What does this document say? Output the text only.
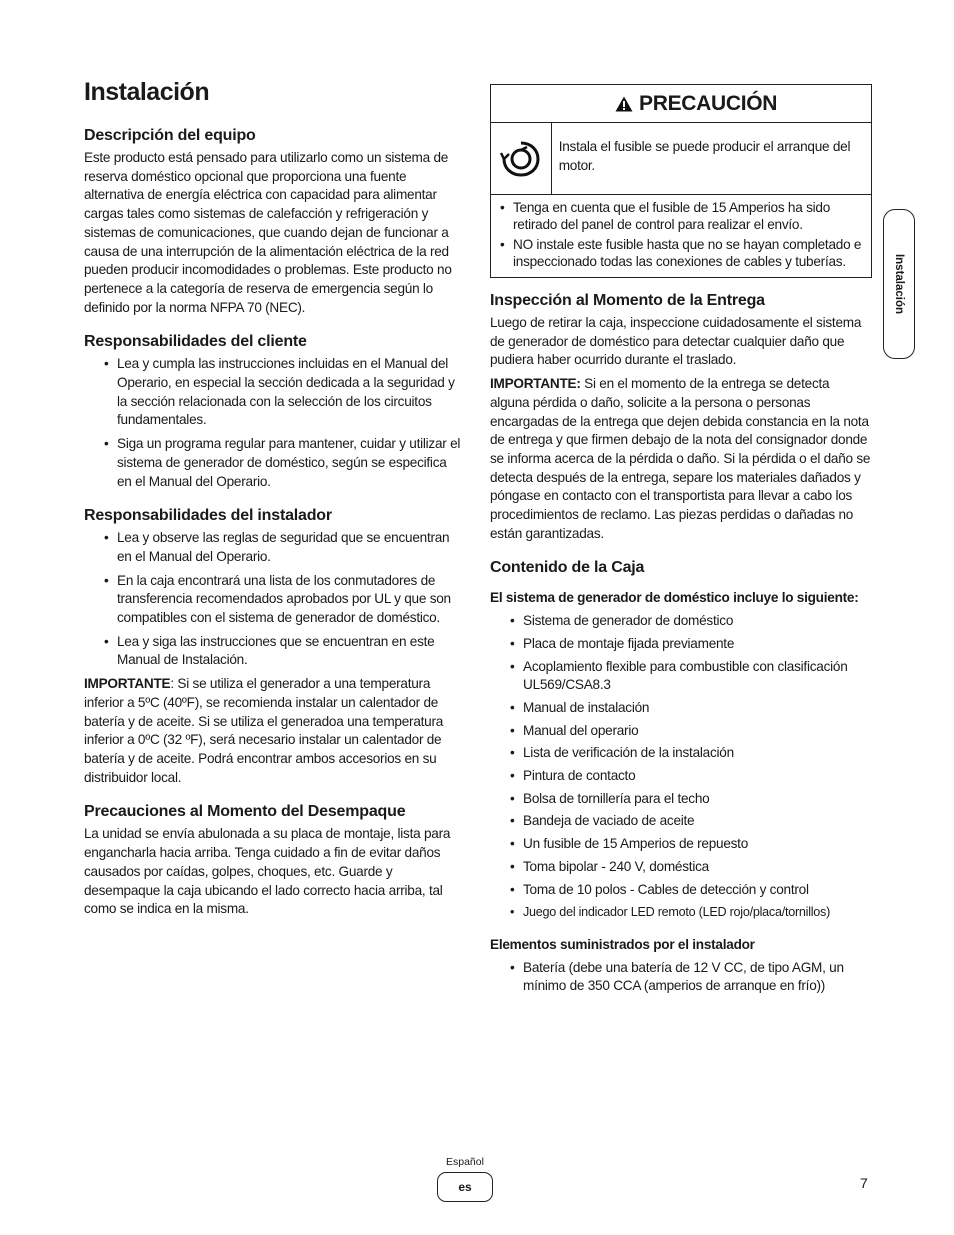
Instalación
Descripción del equipo

Este producto está pensado para utilizarlo como un sistema de reserva doméstico opcional que proporciona una fuente alternativa de energía eléctrica con capacidad para alimentar cargas tales como sistemas de calefacción y refrigeración y sistemas de comunicaciones, que cuando dejan de funcionar a causa de una interrupción de la alimentación eléctrica de la red pueden producir incomodidades o problemas. Este producto no pertenece a la categoría de reserva de emergencia según lo definido por la norma NFPA 70 (NEC).

Responsabilidades del cliente
• Lea y cumpla las instrucciones incluidas en el Manual del Operario, en especial la sección dedicada a la seguridad y la sección relacionada con la selección de los circuitos fundamentales.
• Siga un programa regular para mantener, cuidar y utilizar el sistema de generador de doméstico, según se especifica en el Manual del Operario.
Responsabilidades del instalador
• Lea y observe las reglas de seguridad que se encuentran en el Manual del Operario.
• En la caja encontrará una lista de los conmutadores de transferencia recomendados aprobados por UL y que son compatibles con el sistema de generador de doméstico.
• Lea y siga las instrucciones que se encuentran en este Manual de Instalación.

IMPORTANTE: Si se utiliza el generador a una temperatura inferior a 5ºC (40ºF), se recomienda instalar un calentador de batería y de aceite. Si se utiliza el generadoa una temperatura inferior a 0ºC (32 ºF), será necesario instalar un calentador de batería y de aceite. Podrá encontrar ambos accesorios en su distribuidor local.

Precauciones al Momento del Desempaque

La unidad se envía abulonada a su placa de montaje, lista para engancharla hacia arriba. Tenga cuidado a fin de evitar daños causados por caídas, golpes, choques, etc. Guarde y desempaque la caja ubicando el lado correcto hacia arriba, tal como se indica en la misma.

PRECAUCIÓN
Instala el fusible se puede producir el arranque del motor.
• Tenga en cuenta que el fusible de 15 Amperios ha sido retirado del panel de control para realizar el envío.
• NO instale este fusible hasta que no se hayan completado e inspeccionado todas las conexiones de cables y tuberías.
Inspección al Momento de la Entrega

Luego de retirar la caja, inspeccione cuidadosamente el sistema de generador de doméstico para detectar cualquier daño que pudiera haber ocurrido durante el traslado.

IMPORTANTE: Si en el momento de la entrega se detecta alguna pérdida o daño, solicite a la persona o personas encargadas de la entrega que dejen debida constancia en la nota de entrega y que firmen debajo de la nota del consignador donde se informa acerca de la pérdida o daño. Si la pérdida o el daño se detecta después de la entrega, separe los materiales dañados y póngase en contacto con el transportista para llevar a cabo los procedimientos de reclamo. Las piezas perdidas o dañadas no están garantizadas.

Contenido de la Caja
El sistema de generador de doméstico incluye lo siguiente:
• Sistema de generador de doméstico
• Placa de montaje fijada previamente
• Acoplamiento flexible para combustible con clasificación UL569/CSA8.3
• Manual de instalación
• Manual del operario
• Lista de verificación de la instalación
• Pintura de contacto
• Bolsa de tornillería para el techo
• Bandeja de vaciado de aceite
• Un fusible de 15 Amperios de repuesto
• Toma bipolar - 240 V, doméstica
• Toma de 10 polos - Cables de detección y control
• Juego del indicador LED remoto (LED rojo/placa/tornillos)
Elementos suministrados por el instalador
• Batería (debe una batería de 12 V CC, de tipo AGM, un mínimo de 350 CCA (amperios de arranque en frío))
Instalación
Español
es	7
